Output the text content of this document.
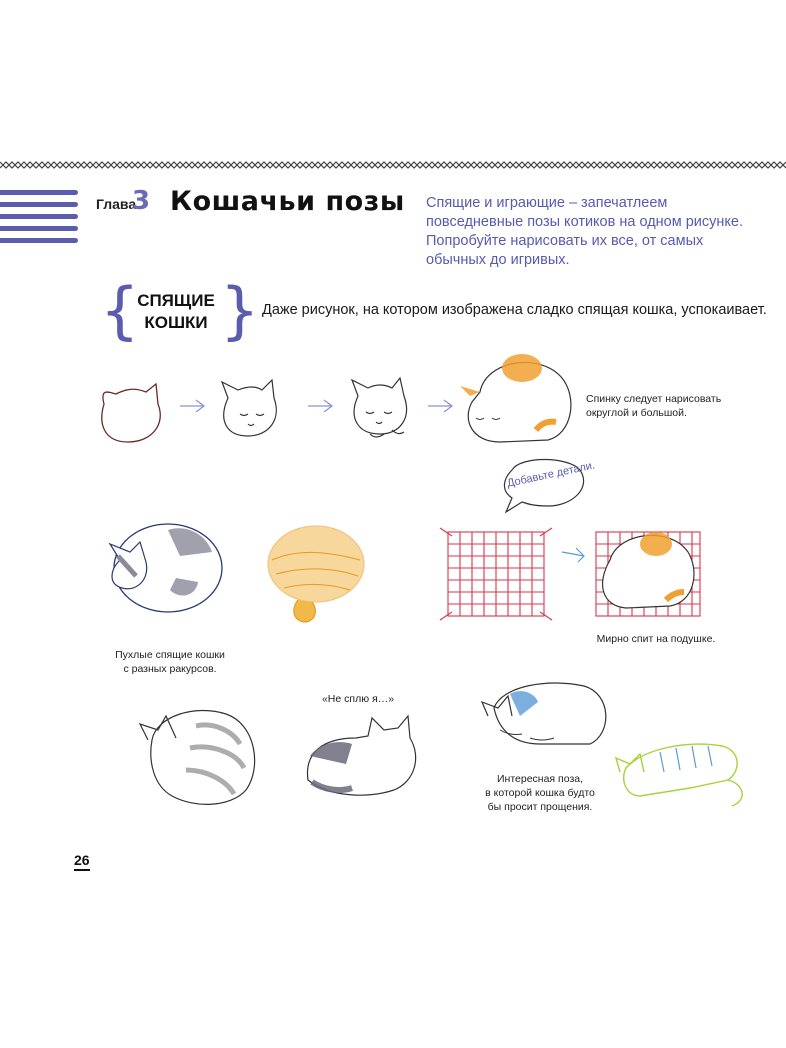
Глава
3 Кошачьи позы Спящие и играющие – запечатлеем повседневные позы котиков на одном рисунке. Попробуйте нарисовать их все, от самых обычных до игривых.
{ }
СПЯЩИЕ
КОШКИ
Даже рисунок, на котором изображена сладко спящая кошка, успокаивает.
Спинку следует нарисовать
округлой и большой.
Добавьте детали.
Мирно спит на подушке.
Пухлые спящие кошки
с разных ракурсов.
«Не сплю я…»
Интересная поза,
в которой кошка будто
бы просит прощения.
26
